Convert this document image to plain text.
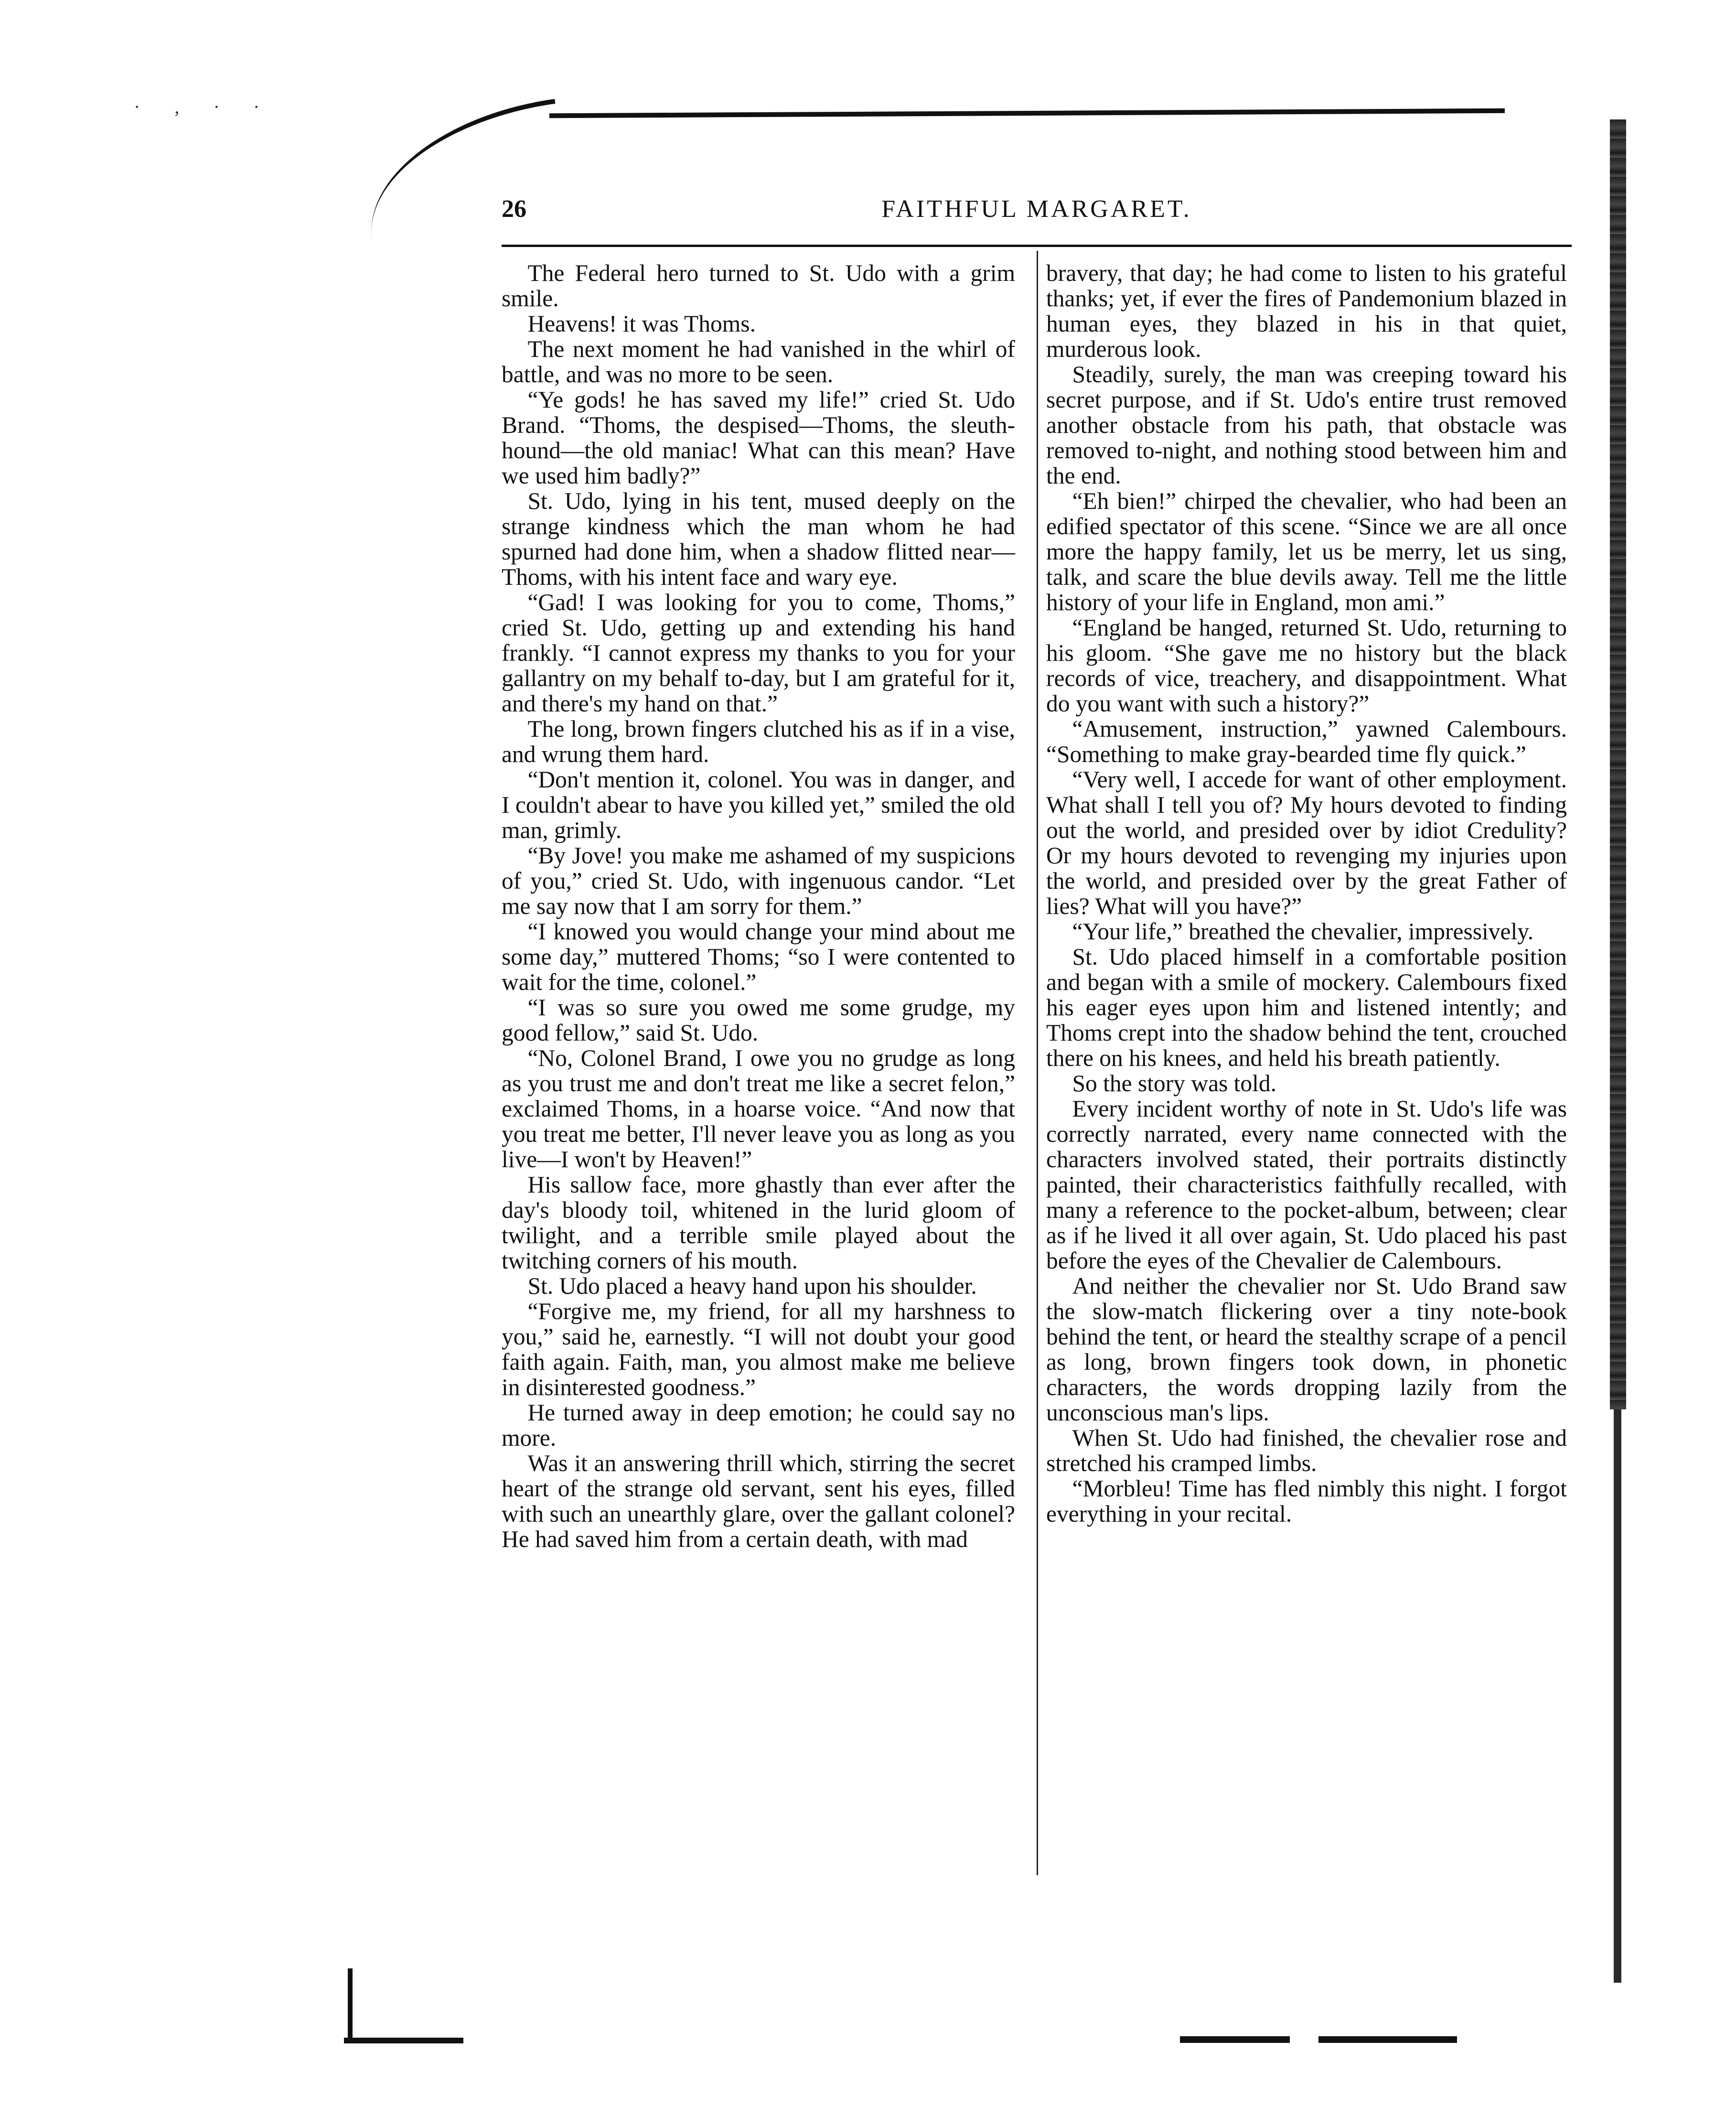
· ‚ · ·
26	FAITHFUL MARGARET.

The Federal hero turned to St. Udo with a grim smile.

Heavens! it was Thoms.

The next moment he had vanished in the whirl of battle, and was no more to be seen.

“Ye gods! he has saved my life!” cried St. Udo Brand. “Thoms, the despised—Thoms, the sleuth-hound—the old maniac! What can this mean? Have we used him badly?”

St. Udo, lying in his tent, mused deeply on the strange kindness which the man whom he had spurned had done him, when a shadow flitted near—Thoms, with his intent face and wary eye.

“Gad! I was looking for you to come, Thoms,” cried St. Udo, getting up and extending his hand frankly. “I cannot express my thanks to you for your gallantry on my behalf to-day, but I am grateful for it, and there's my hand on that.”

The long, brown fingers clutched his as if in a vise, and wrung them hard.

“Don't mention it, colonel. You was in danger, and I couldn't abear to have you killed yet,” smiled the old man, grimly.

“By Jove! you make me ashamed of my suspicions of you,” cried St. Udo, with ingenuous candor. “Let me say now that I am sorry for them.”

“I knowed you would change your mind about me some day,” muttered Thoms; “so I were contented to wait for the time, colonel.”

“I was so sure you owed me some grudge, my good fellow,” said St. Udo.

“No, Colonel Brand, I owe you no grudge as long as you trust me and don't treat me like a secret felon,” exclaimed Thoms, in a hoarse voice. “And now that you treat me better, I'll never leave you as long as you live—I won't by Heaven!”

His sallow face, more ghastly than ever after the day's bloody toil, whitened in the lurid gloom of twilight, and a terrible smile played about the twitching corners of his mouth.

St. Udo placed a heavy hand upon his shoulder.

“Forgive me, my friend, for all my harshness to you,” said he, earnestly. “I will not doubt your good faith again. Faith, man, you almost make me believe in disinterested goodness.”

He turned away in deep emotion; he could say no more.

Was it an answering thrill which, stirring the secret heart of the strange old servant, sent his eyes, filled with such an unearthly glare, over the gallant colonel? He had saved him from a certain death, with mad

bravery, that day; he had come to listen to his grateful thanks; yet, if ever the fires of Pandemonium blazed in human eyes, they blazed in his in that quiet, murderous look.

Steadily, surely, the man was creeping toward his secret purpose, and if St. Udo's entire trust removed another obstacle from his path, that obstacle was removed to-night, and nothing stood between him and the end.

“Eh bien!” chirped the chevalier, who had been an edified spectator of this scene. “Since we are all once more the happy family, let us be merry, let us sing, talk, and scare the blue devils away. Tell me the little history of your life in England, mon ami.”

“England be hanged, returned St. Udo, returning to his gloom. “She gave me no history but the black records of vice, treachery, and disappointment. What do you want with such a history?”

“Amusement, instruction,” yawned Calembours. “Something to make gray-bearded time fly quick.”

“Very well, I accede for want of other employment. What shall I tell you of? My hours devoted to finding out the world, and presided over by idiot Credulity? Or my hours devoted to revenging my injuries upon the world, and presided over by the great Father of lies? What will you have?”

“Your life,” breathed the chevalier, impressively.

St. Udo placed himself in a comfortable position and began with a smile of mockery. Calembours fixed his eager eyes upon him and listened intently; and Thoms crept into the shadow behind the tent, crouched there on his knees, and held his breath patiently.

So the story was told.

Every incident worthy of note in St. Udo's life was correctly narrated, every name connected with the characters involved stated, their portraits distinctly painted, their characteristics faithfully recalled, with many a reference to the pocket-album, between; clear as if he lived it all over again, St. Udo placed his past before the eyes of the Chevalier de Calembours.

And neither the chevalier nor St. Udo Brand saw the slow-match flickering over a tiny note-book behind the tent, or heard the stealthy scrape of a pencil as long, brown fingers took down, in phonetic characters, the words dropping lazily from the unconscious man's lips.

When St. Udo had finished, the chevalier rose and stretched his cramped limbs.

“Morbleu! Time has fled nimbly this night. I forgot everything in your recital.
